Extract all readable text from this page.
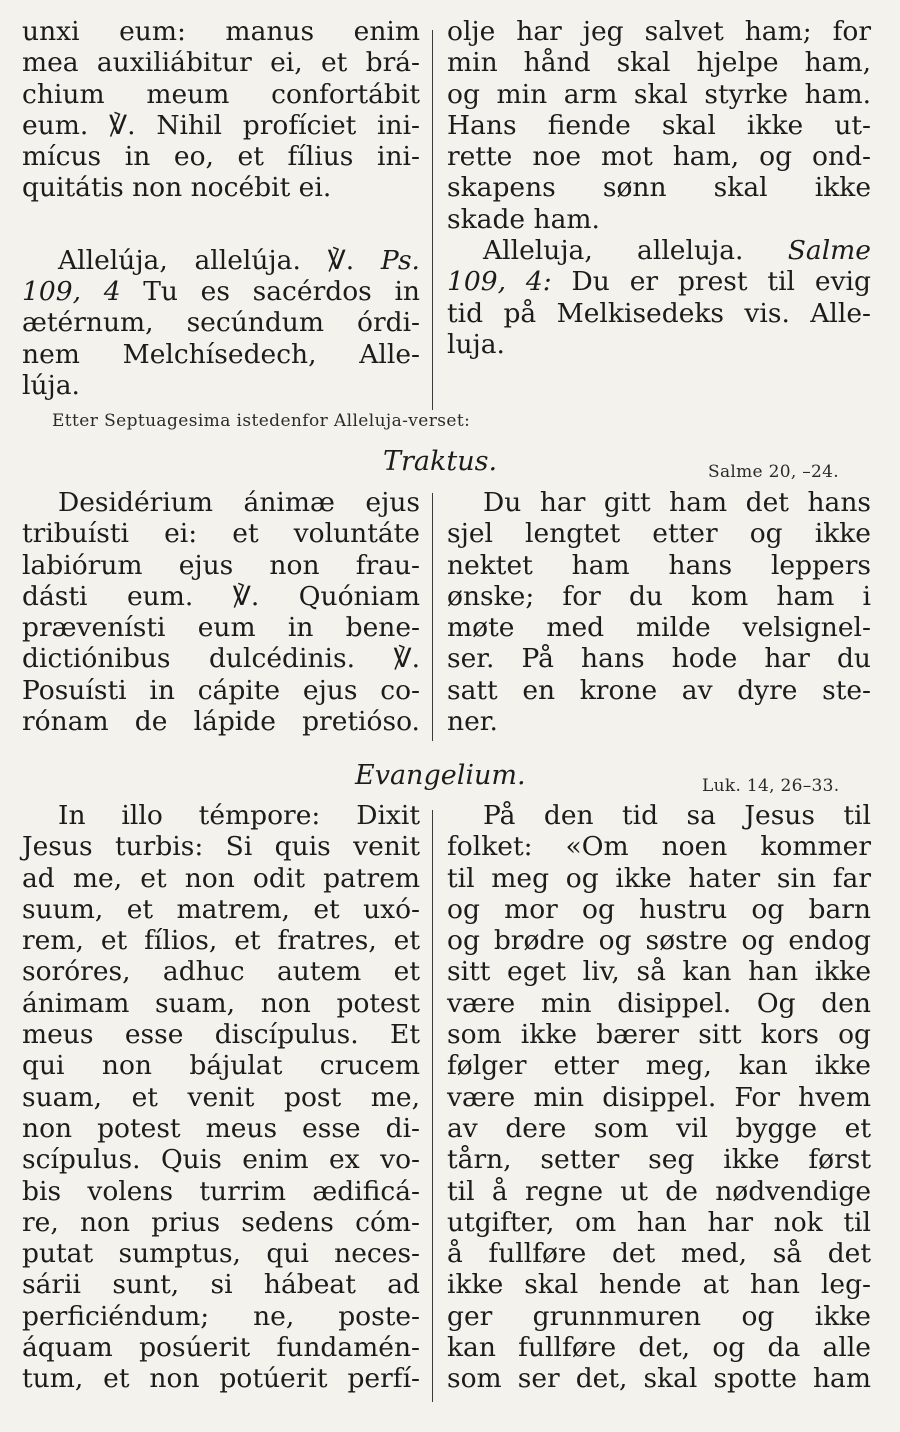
unxi eum: manus enim
mea auxiliábitur ei, et brá-
chium meum confortábit
eum. ℣. Nihil profíciet ini-
mícus in eo, et fílius ini-
quitátis non nocébit ei.
Allelúja, allelúja. ℣. Ps.
109, 4 Tu es sacérdos in
ætérnum, secúndum órdi-
nem Melchísedech, Alle-
lúja.
olje har jeg salvet ham; for
min hånd skal hjelpe ham,
og min arm skal styrke ham.
Hans fiende skal ikke ut-
rette noe mot ham, og ond-
skapens sønn skal ikke
skade ham.
Alleluja, alleluja. Salme
109, 4: Du er prest til evig
tid på Melkisedeks vis. Alle-
luja.
Etter Septuagesima istedenfor Alleluja-verset:
Traktus.	Salme 20, –24.
Desidérium ánimæ ejus
tribuísti ei: et voluntáte
labiórum ejus non frau-
dásti eum. ℣. Quóniam
prævenísti eum in bene-
dictiónibus dulcédinis. ℣.
Posuísti in cápite ejus co-
rónam de lápide pretióso.
Du har gitt ham det hans
sjel lengtet etter og ikke
nektet ham hans leppers
ønske; for du kom ham i
møte med milde velsignel-
ser. På hans hode har du
satt en krone av dyre ste-
ner.
Evangelium.	Luk. 14, 26–33.
In illo témpore: Dixit
Jesus turbis: Si quis venit
ad me, et non odit patrem
suum, et matrem, et uxó-
rem, et fílios, et fratres, et
soróres, adhuc autem et
ánimam suam, non potest
meus esse discípulus. Et
qui non bájulat crucem
suam, et venit post me,
non potest meus esse di-
scípulus. Quis enim ex vo-
bis volens turrim ædificá-
re, non prius sedens cóm-
putat sumptus, qui neces-
sárii sunt, si hábeat ad
perficiéndum; ne, poste-
áquam posúerit fundamén-
tum, et non potúerit perfí-
På den tid sa Jesus til
folket: «Om noen kommer
til meg og ikke hater sin far
og mor og hustru og barn
og brødre og søstre og endog
sitt eget liv, så kan han ikke
være min disippel. Og den
som ikke bærer sitt kors og
følger etter meg, kan ikke
være min disippel. For hvem
av dere som vil bygge et
tårn, setter seg ikke først
til å regne ut de nødvendige
utgifter, om han har nok til
å fullføre det med, så det
ikke skal hende at han leg-
ger grunnmuren og ikke
kan fullføre det, og da alle
som ser det, skal spotte ham
